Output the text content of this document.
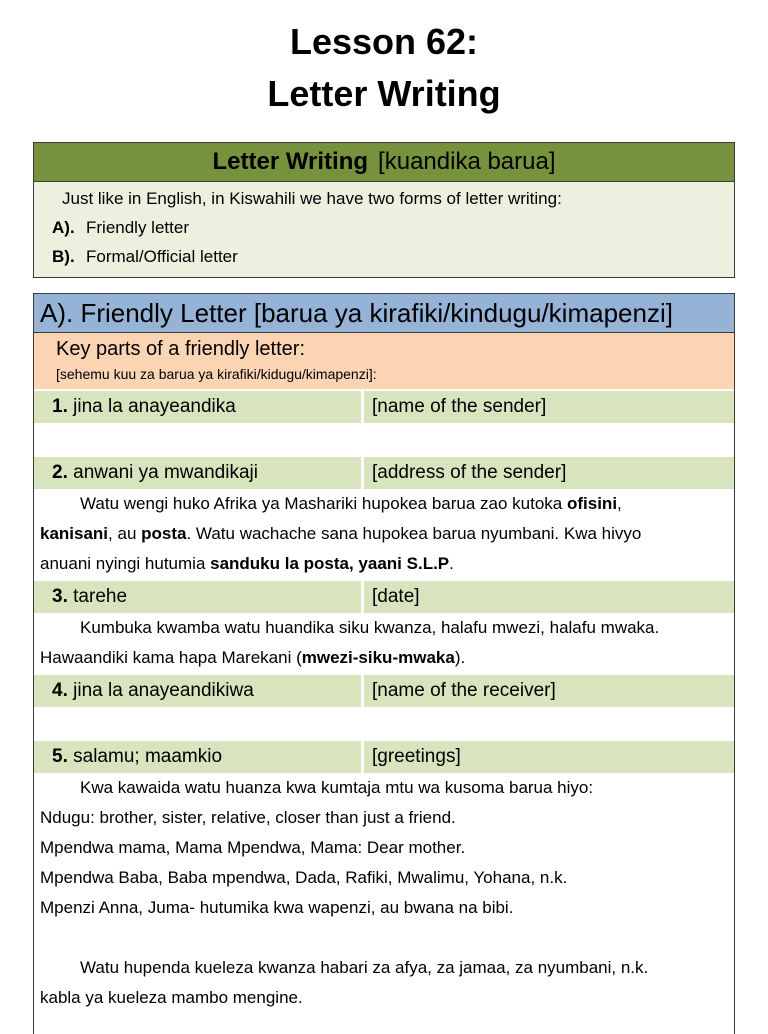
Lesson 62:
Letter Writing
Letter Writing [kuandika barua]
Just like in English, in Kiswahili we have two forms of letter writing:
A). Friendly letter
B). Formal/Official letter
A). Friendly Letter [barua ya kirafiki/kindugu/kimapenzi]
Key parts of a friendly letter:
[sehemu kuu za barua ya kirafiki/kidugu/kimapenzi]:
1. jina la anayeandika	[name of the sender]
2. anwani ya mwandikaji	[address of the sender]
Watu wengi huko Afrika ya Mashariki hupokea barua zao kutoka ofisini,
kanisani, au posta. Watu wachache sana hupokea barua nyumbani. Kwa hivyo
anuani nyingi hutumia sanduku la posta, yaani S.L.P.
3. tarehe	[date]
Kumbuka kwamba watu huandika siku kwanza, halafu mwezi, halafu mwaka.
Hawaandiki kama hapa Marekani (mwezi-siku-mwaka).
4. jina la anayeandikiwa	[name of the receiver]
5. salamu; maamkio	[greetings]
Kwa kawaida watu huanza kwa kumtaja mtu wa kusoma barua hiyo:
Ndugu: brother, sister, relative, closer than just a friend.
Mpendwa mama, Mama Mpendwa, Mama: Dear mother.
Mpendwa Baba, Baba mpendwa, Dada, Rafiki, Mwalimu, Yohana, n.k.
Mpenzi Anna, Juma- hutumika kwa wapenzi, au bwana na bibi.
Watu hupenda kueleza kwanza habari za afya, za jamaa, za nyumbani, n.k.
kabla ya kueleza mambo mengine.
